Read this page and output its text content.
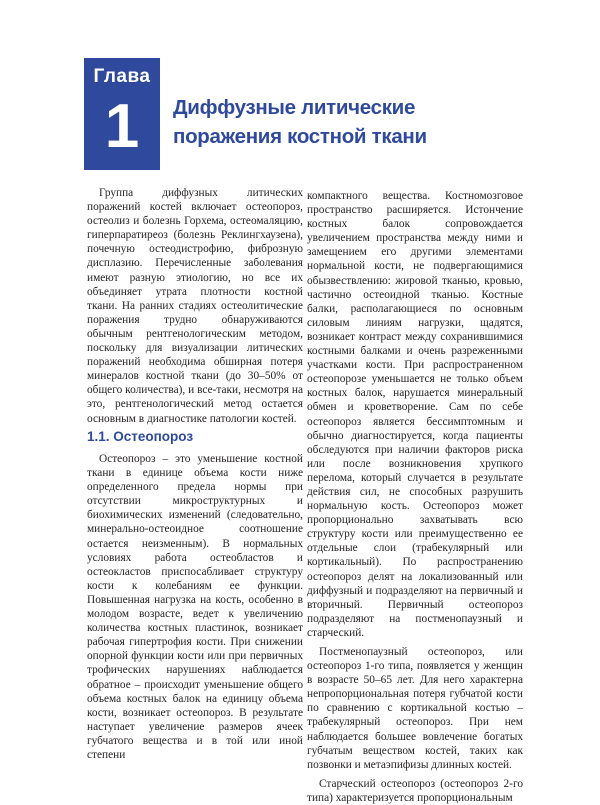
Глава
1	Диффузные литические поражения костной ткани

Группа диффузных литических поражений костей включает остеопороз, остеолиз и болезнь Горхема, остеомаляцию, гиперпаратиреоз (болезнь Реклингхаузена), почечную остеодистрофию, фиброзную дисплазию. Перечисленные заболевания имеют разную этиологию, но все их объединяет утрата плотности костной ткани. На ранних стадиях остеолитические поражения трудно обнаруживаются обычным рентгенологическим методом, поскольку для визуализации литических поражений необходима обширная потеря минералов костной ткани (до 30–50% от общего количества), и все-таки, несмотря на это, рентгенологический метод остается основным в диагностике патологии костей.

1.1. Остеопороз

Остеопороз – это уменьшение костной ткани в единице объема кости ниже определенного предела нормы при отсутствии микроструктурных и биохимических изменений (следовательно, минерально-остеоидное соотношение остается неизменным). В нормальных условиях работа остеобластов и остеокластов приспосабливает структуру кости к колебаниям ее функции. Повышенная нагрузка на кость, особенно в молодом возрасте, ведет к увеличению количества костных пластинок, возникает рабочая гипертрофия кости. При снижении опорной функции кости или при первичных трофических нарушениях наблюдается обратное – происходит уменьшение общего объема костных балок на единицу объема кости, возникает остеопороз. В результате наступает увеличение размеров ячеек губчатого вещества и в той или иной степени

компактного вещества. Костномозговое пространство расширяется. Истончение костных балок сопровождается увеличением пространства между ними и замещением его другими элементами нормальной кости, не подвергающимися обызвествлению: жировой тканью, кровью, частично остеоидной тканью. Костные балки, располагающиеся по основным силовым линиям нагрузки, щадятся, возникает контраст между сохранившимися костными балками и очень разреженными участками кости. При распространенном остеопорозе уменьшается не только объем костных балок, нарушается минеральный обмен и кроветворение. Сам по себе остеопороз является бессимптомным и обычно диагностируется, когда пациенты обследуются при наличии факторов риска или после возникновения хрупкого перелома, который случается в результате действия сил, не способных разрушить нормальную кость. Остеопороз может пропорционально захватывать всю структуру кости или преимущественно ее отдельные слои (трабекулярный или кортикальный). По распространению остеопороз делят на локализованный или диффузный и подразделяют на первичный и вторичный. Первичный остеопороз подразделяют на постменопаузный и старческий.

Постменопаузный остеопороз, или остеопороз 1-го типа, появляется у женщин в возрасте 50–65 лет. Для него характерна непропорциональная потеря губчатой кости по сравнению с кортикальной костью – трабекулярный остеопороз. При нем наблюдается большее вовлечение богатых губчатым веществом костей, таких как позвонки и метаэпифизы длинных костей.

Старческий остеопороз (остеопороз 2-го типа) характеризуется пропорциональным
